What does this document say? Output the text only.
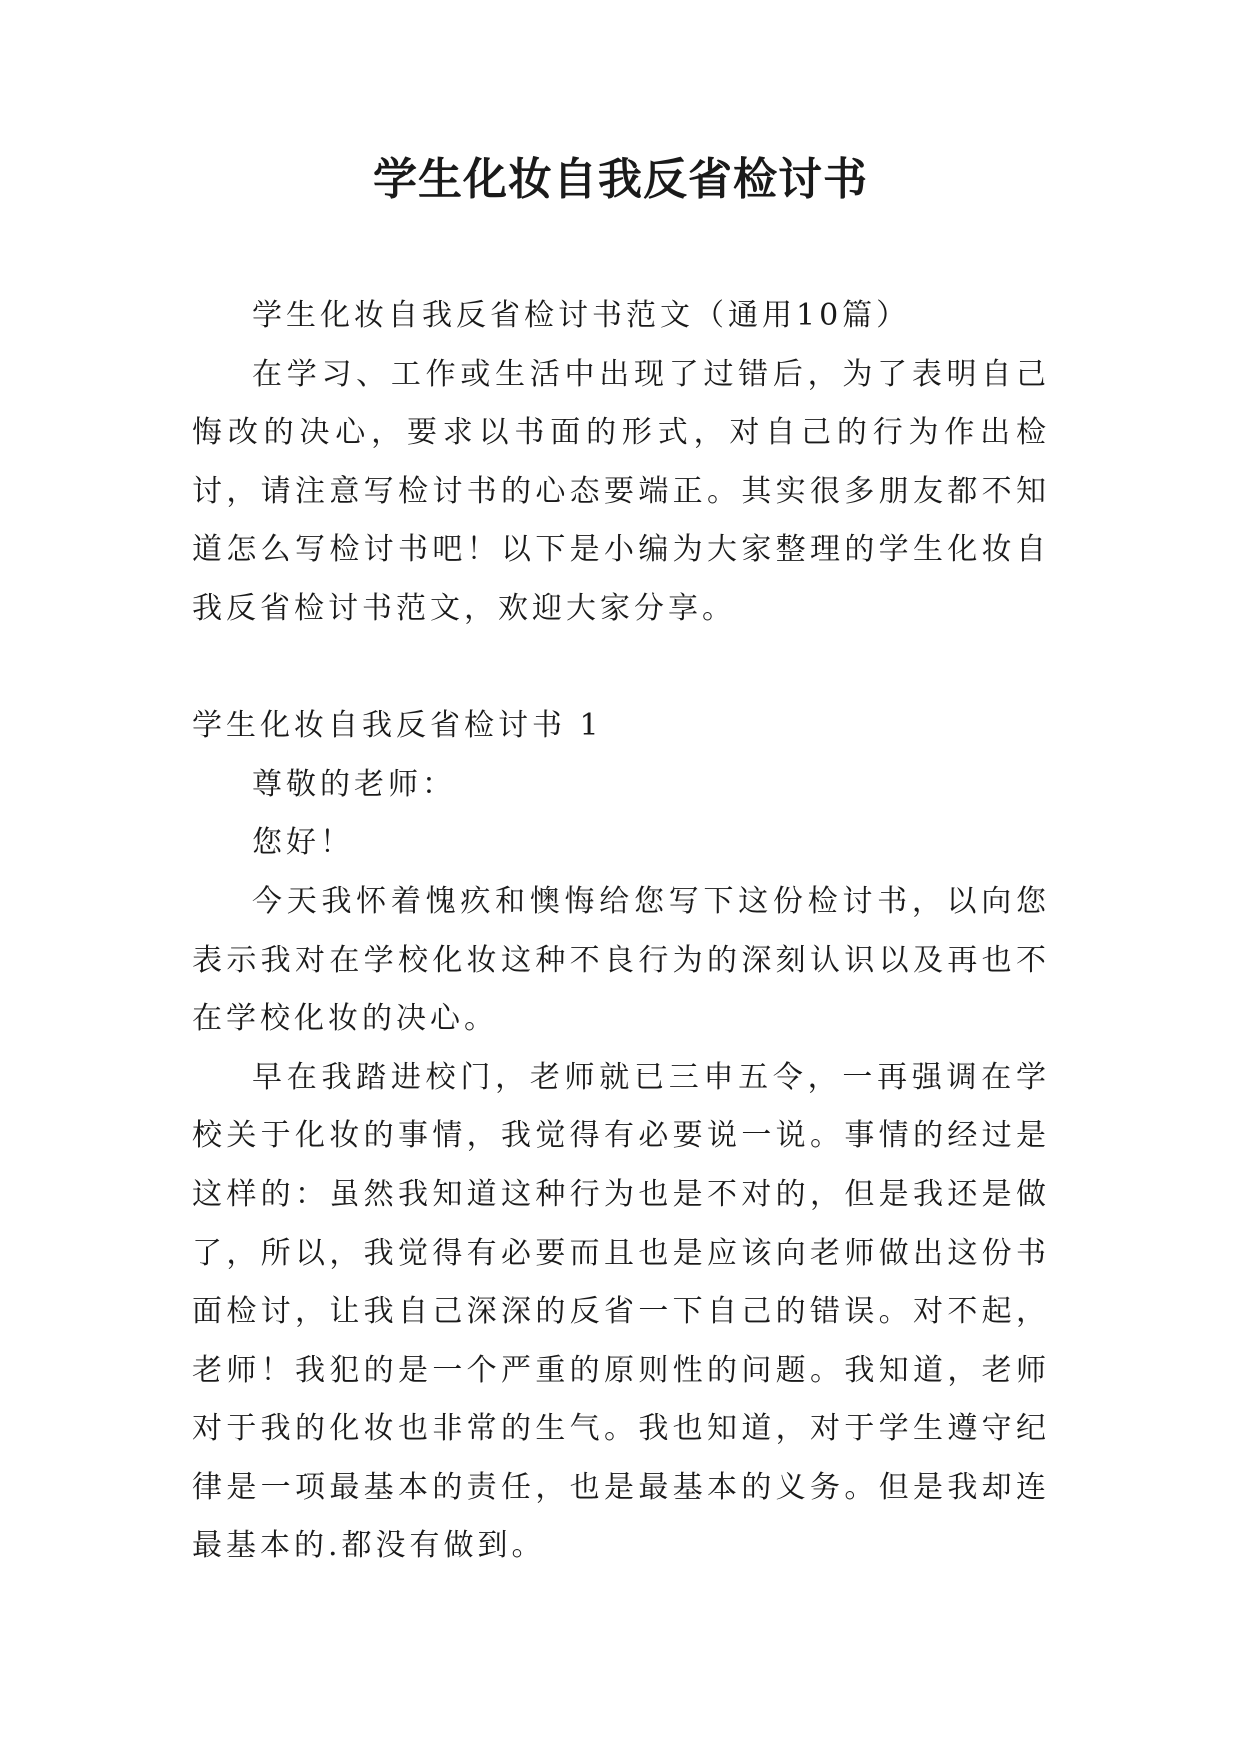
学生化妆自我反省检讨书

学生化妆自我反省检讨书范文（通用10篇）

在学习、工作或生活中出现了过错后，为了表明自己悔改的决心，要求以书面的形式，对自己的行为作出检讨，请注意写检讨书的心态要端正。其实很多朋友都不知道怎么写检讨书吧！以下是小编为大家整理的学生化妆自我反省检讨书范文，欢迎大家分享。

学生化妆自我反省检讨书 1

尊敬的老师：

您好！

今天我怀着愧疚和懊悔给您写下这份检讨书，以向您表示我对在学校化妆这种不良行为的深刻认识以及再也不在学校化妆的决心。

早在我踏进校门，老师就已三申五令，一再强调在学校关于化妆的事情，我觉得有必要说一说。事情的经过是这样的：虽然我知道这种行为也是不对的，但是我还是做了，所以，我觉得有必要而且也是应该向老师做出这份书面检讨，让我自己深深的反省一下自己的错误。对不起，老师！我犯的是一个严重的原则性的问题。我知道，老师对于我的化妆也非常的生气。我也知道，对于学生遵守纪律是一项最基本的责任，也是最基本的义务。但是我却连最基本的.都没有做到。
